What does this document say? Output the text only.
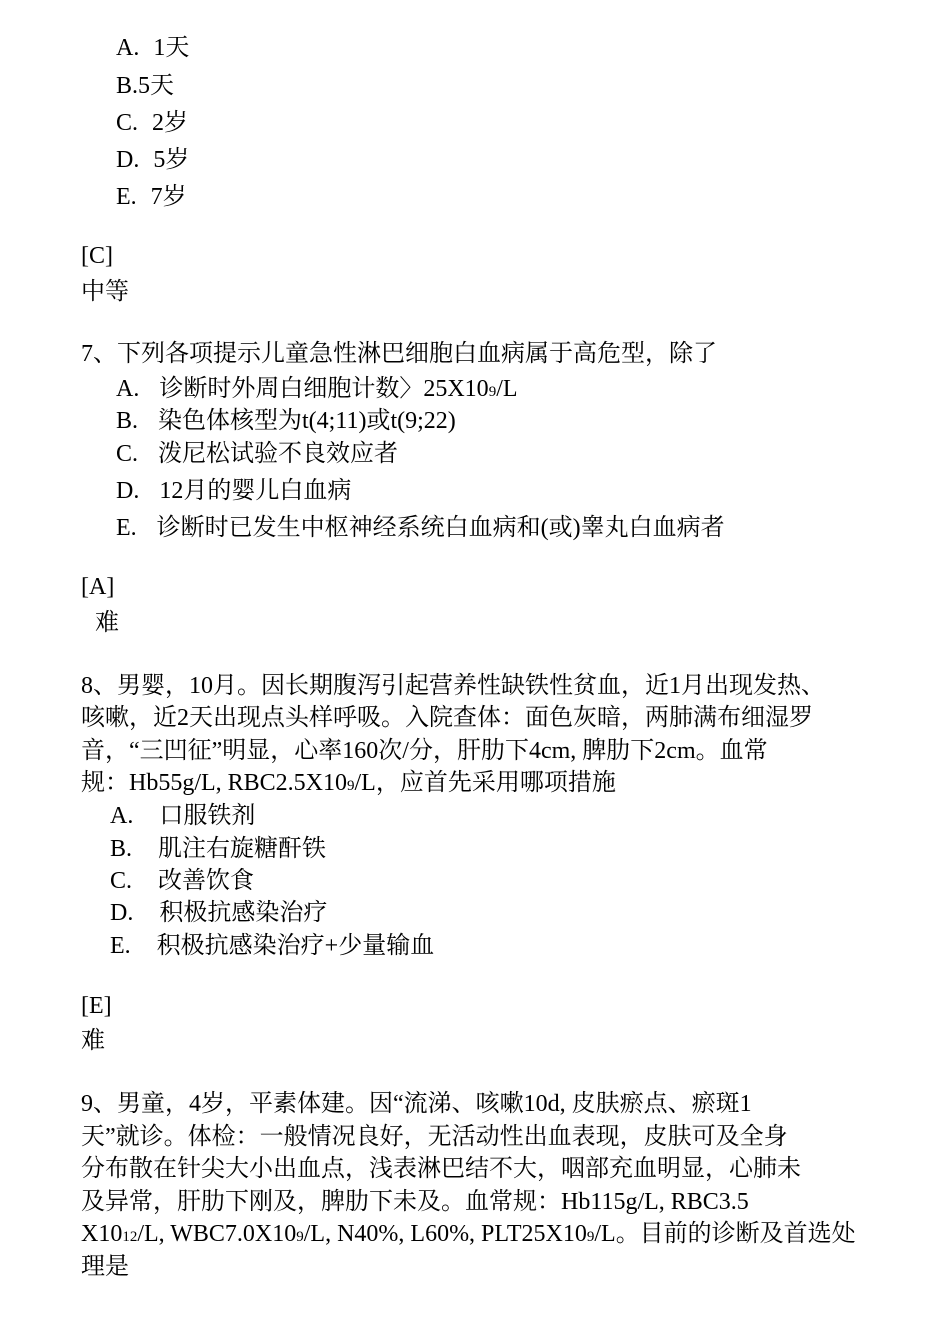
A. 1天
B.5天
C. 2岁
D. 5岁
E. 7岁
[C]
中等
7、下列各项提示儿童急性淋巴细胞白血病属于高危型，除了
A. 诊断时外周白细胞计数〉25X109/L
B. 染色体核型为t(4;11)或t(9;22)
C. 泼尼松试验不良效应者
D. 12月的婴儿白血病
E. 诊断时已发生中枢神经系统白血病和(或)睾丸白血病者
[A]
难
8、男婴，10月。因长期腹泻引起营养性缺铁性贫血，近1月出现发热、
咳嗽，近2天出现点头样呼吸。入院查体：面色灰暗，两肺满布细湿罗
音，“三凹征”明显，心率160次/分，肝肋下4cm, 脾肋下2cm。血常
规：Hb55g/L, RBC2.5X109/L，应首先采用哪项措施
A. 口服铁剂
B. 肌注右旋糖酐铁
C. 改善饮食
D. 积极抗感染治疗
E. 积极抗感染治疗+少量输血
[E]
难
9、男童，4岁，平素体建。因“流涕、咳嗽10d, 皮肤瘀点、瘀斑1
天”就诊。体检：一般情况良好，无活动性出血表现，皮肤可及全身
分布散在针尖大小出血点，浅表淋巴结不大，咽部充血明显，心肺未
及异常，肝肋下刚及，脾肋下未及。血常规：Hb115g/L, RBC3.5
X1012/L, WBC7.0X109/L, N40%, L60%, PLT25X109/L。目前的诊断及首选处
理是
